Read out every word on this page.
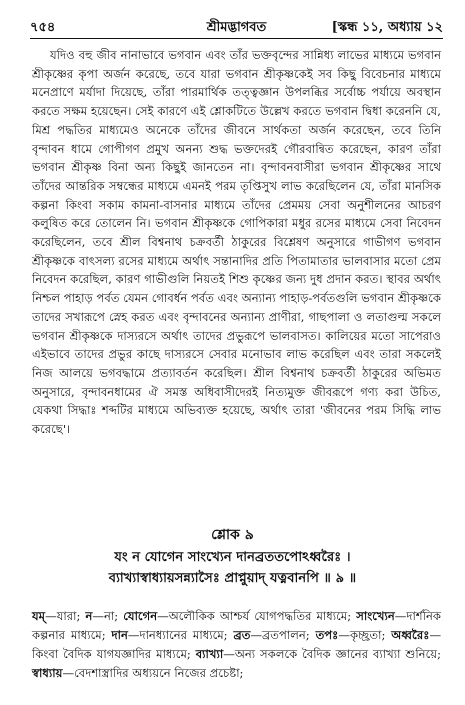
৭৫৪	শ্রীমদ্ভাগবত	[স্কন্ধ ১১, অধ্যায় ১২

যদিও বহু জীব নানাভাবে ভগবান এবং তাঁর ভক্তবৃন্দের সান্নিধ্য লাভের মাধ্যমে ভগবান শ্রীকৃষ্ণের কৃপা অর্জন করেছে, তবে যারা ভগবান শ্রীকৃষ্ণকেই সব কিছু বিবেচনার মাধ্যমে মনেপ্রাণে মর্যাদা দিয়েছে, তাঁরা পারমার্থিক তত্ত্বজ্ঞান উপলব্ধির সর্বোচ্চ পর্যায়ে অবস্থান করতে সক্ষম হয়েছেন। সেই কারণে এই শ্লোকটিতে উল্লেখ করতে ভগবান দ্বিধা করেননি যে, মিশ্র পদ্ধতির মাধ্যমেও অনেকে তাঁদের জীবনে সার্থকতা অর্জন করেছেন, তবে তিনি বৃন্দাবন ধামে গোপীগণ প্রমুখ অনন্য শুদ্ধ ভক্তদেরই গৌরবান্বিত করেছেন, কারণ তাঁরা ভগবান শ্রীকৃষ্ণ বিনা অন্য কিছুই জানতেন না। বৃন্দাবনবাসীরা ভগবান শ্রীকৃষ্ণের সাথে তাঁদের আন্তরিক সম্বন্ধের মাধ্যমে এমনই পরম তৃপ্তিসুখ লাভ করেছিলেন যে, তাঁরা মানসিক কল্পনা কিংবা সকাম কামনা-বাসনার মাধ্যমে তাঁদের প্রেমময় সেবা অনুশীলনের আচরণ কলুষিত করে তোলেন নি। ভগবান শ্রীকৃষ্ণকে গোপিকারা মধুর রসের মাধ্যমে সেবা নিবেদন করেছিলেন, তবে শ্রীল বিশ্বনাথ চক্রবর্তী ঠাকুরের বিশ্লেষণ অনুসারে গাভীগণ ভগবান শ্রীকৃষ্ণকে বাৎসল্য রসের মাধ্যমে অর্থাৎ সন্তানাদির প্রতি পিতামাতার ভালবাসার মতো প্রেম নিবেদন করেছিল, কারণ গাভীগুলি নিয়তই শিশু কৃষ্ণের জন্য দুধ প্রদান করত। স্থাবর অর্থাৎ নিশ্চল পাহাড় পর্বত যেমন গোবর্ধন পর্বত এবং অন্যান্য পাহাড়-পর্বতগুলি ভগবান শ্রীকৃষ্ণকে তাদের সখারূপে স্নেহ করত এবং বৃন্দাবনের অন্যান্য প্রাণীরা, গাছপালা ও লতাগুল্ম সকলে ভগবান শ্রীকৃষ্ণকে দাস্যরসে অর্থাৎ তাদের প্রভুরূপে ভালবাসত। কালিয়ের মতো সাপেরাও এইভাবে তাদের প্রভুর কাছে দাস্যরসে সেবার মনোভাব লাভ করেছিল এবং তারা সকলেই নিজ আলয়ে ভগবদ্ধামে প্রত্যাবর্তন করেছিল। শ্রীল বিশ্বনাথ চক্রবর্তী ঠাকুরের অভিমত অনুসারে, বৃন্দাবনধামের ঐ সমস্ত অধিবাসীদেরই নিত্যমুক্ত জীবরূপে গণ্য করা উচিত, যেকথা সিদ্ধাঃ শব্দটির মাধ্যমে অভিব্যক্ত হয়েছে, অর্থাৎ তারা 'জীবনের পরম সিদ্ধি লাভ করেছে'।

শ্লোক ৯
যং ন যোগেন সাংখ্যেন দানব্রততপোঽধ্বরৈঃ ।
ব্যাখ্যাস্বাধ্যায়সন্ন্যাসৈঃ প্রাপ্নুয়াদ্ যত্নবানপি ॥ ৯ ॥

যম্—যারা; ন—না; যোগেন—অলৌকিক আশ্চর্য যোগপদ্ধতির মাধ্যমে; সাংখ্যেন—দার্শনিক কল্পনার মাধ্যমে; দান—দানধ্যানের মাধ্যমে; ব্রত—ব্রতপালন; তপঃ—কৃচ্ছ্রতা; অধ্বরৈঃ—কিংবা বৈদিক যাগযজ্ঞাদির মাধ্যমে; ব্যাখ্যা—অন্য সকলকে বৈদিক জ্ঞানের ব্যাখ্যা শুনিয়ে; স্বাধ্যায়—বেদশাস্ত্রাদির অধ্যয়নে নিজের প্রচেষ্টা;
